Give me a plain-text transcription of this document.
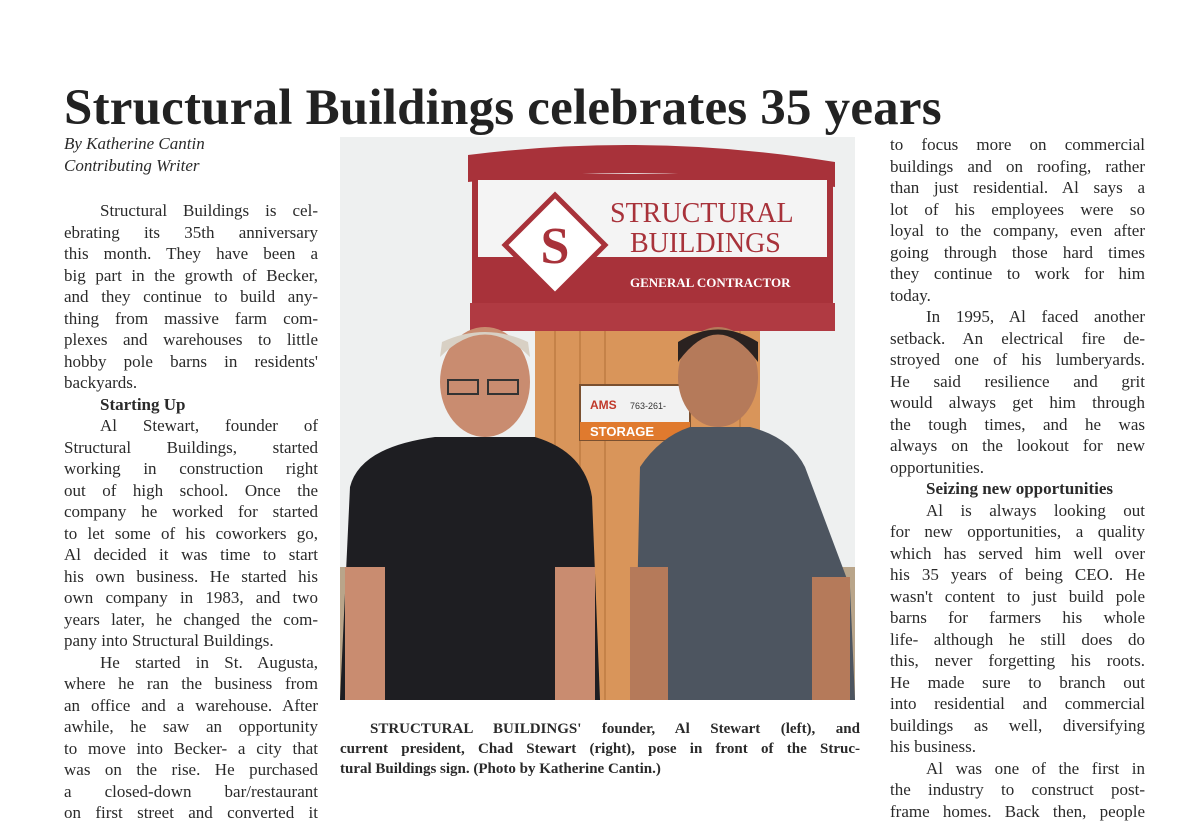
Structural Buildings celebrates 35 years
By Katherine Cantin
Contributing Writer
Structural Buildings is cel-
ebrating its 35th anniversary
this month. They have been a
big part in the growth of Becker,
and they continue to build any-
thing from massive farm com-
plexes and warehouses to little
hobby pole barns in residents'
backyards.
Starting Up
Al Stewart, founder of
Structural Buildings, started
working in construction right
out of high school. Once the
company he worked for started
to let some of his coworkers go,
Al decided it was time to start
his own business. He started his
own company in 1983, and two
years later, he changed the com-
pany into Structural Buildings.
He started in St. Augusta,
where he ran the business from
an office and a warehouse. After
awhile, he saw an opportunity
to move into Becker- a city that
was on the rise. He purchased
a closed-down bar/restaurant
on first street and converted it
S
STRUCTURAL
BUILDINGS
GENERAL CONTRACTOR
AMS 763-261-
STORAGE
STRUCTURAL BUILDINGS' founder, Al Stewart (left), and
current president, Chad Stewart (right), pose in front of the Struc-
tural Buildings sign. (Photo by Katherine Cantin.)
to focus more on commercial
buildings and on roofing, rather
than just residential. Al says a
lot of his employees were so
loyal to the company, even after
going through those hard times
they continue to work for him
today.
In 1995, Al faced another
setback. An electrical fire de-
stroyed one of his lumberyards.
He said resilience and grit
would always get him through
the tough times, and he was
always on the lookout for new
opportunities.
Seizing new opportunities
Al is always looking out
for new opportunities, a quality
which has served him well over
his 35 years of being CEO. He
wasn't content to just build pole
barns for farmers his whole
life- although he still does do
this, never forgetting his roots.
He made sure to branch out
into residential and commercial
buildings as well, diversifying
his business.
Al was one of the first in
the industry to construct post-
frame homes. Back then, people
